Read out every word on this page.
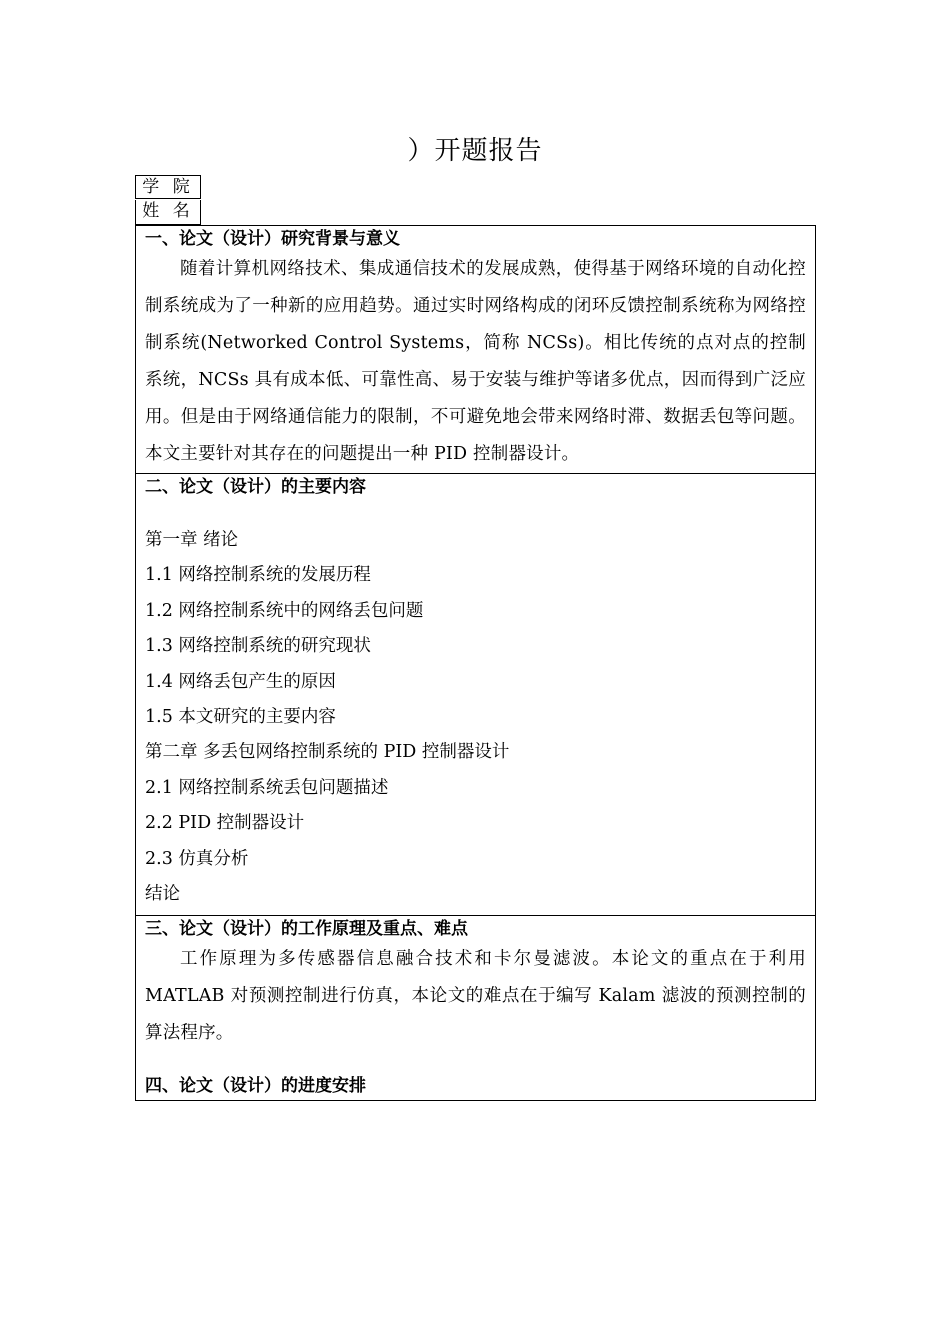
）开题报告
学 院
姓 名
一、论文（设计）研究背景与意义
随着计算机网络技术、集成通信技术的发展成熟，使得基于网络环境的自动化控制系统成为了一种新的应用趋势。通过实时网络构成的闭环反馈控制系统称为网络控制系统(Networked Control Systems，简称 NCSs)。相比传统的点对点的控制系统，NCSs 具有成本低、可靠性高、易于安装与维护等诸多优点，因而得到广泛应用。但是由于网络通信能力的限制，不可避免地会带来网络时滞、数据丢包等问题。本文主要针对其存在的问题提出一种 PID 控制器设计。
二、论文（设计）的主要内容
第一章 绪论
1.1 网络控制系统的发展历程
1.2 网络控制系统中的网络丢包问题
1.3 网络控制系统的研究现状
1.4 网络丢包产生的原因
1.5 本文研究的主要内容
第二章 多丢包网络控制系统的 PID 控制器设计
2.1 网络控制系统丢包问题描述
2.2 PID 控制器设计
2.3 仿真分析
结论
三、论文（设计）的工作原理及重点、难点
工作原理为多传感器信息融合技术和卡尔曼滤波。本论文的重点在于利用 MATLAB 对预测控制进行仿真，本论文的难点在于编写 Kalam 滤波的预测控制的算法程序。
四、论文（设计）的进度安排
